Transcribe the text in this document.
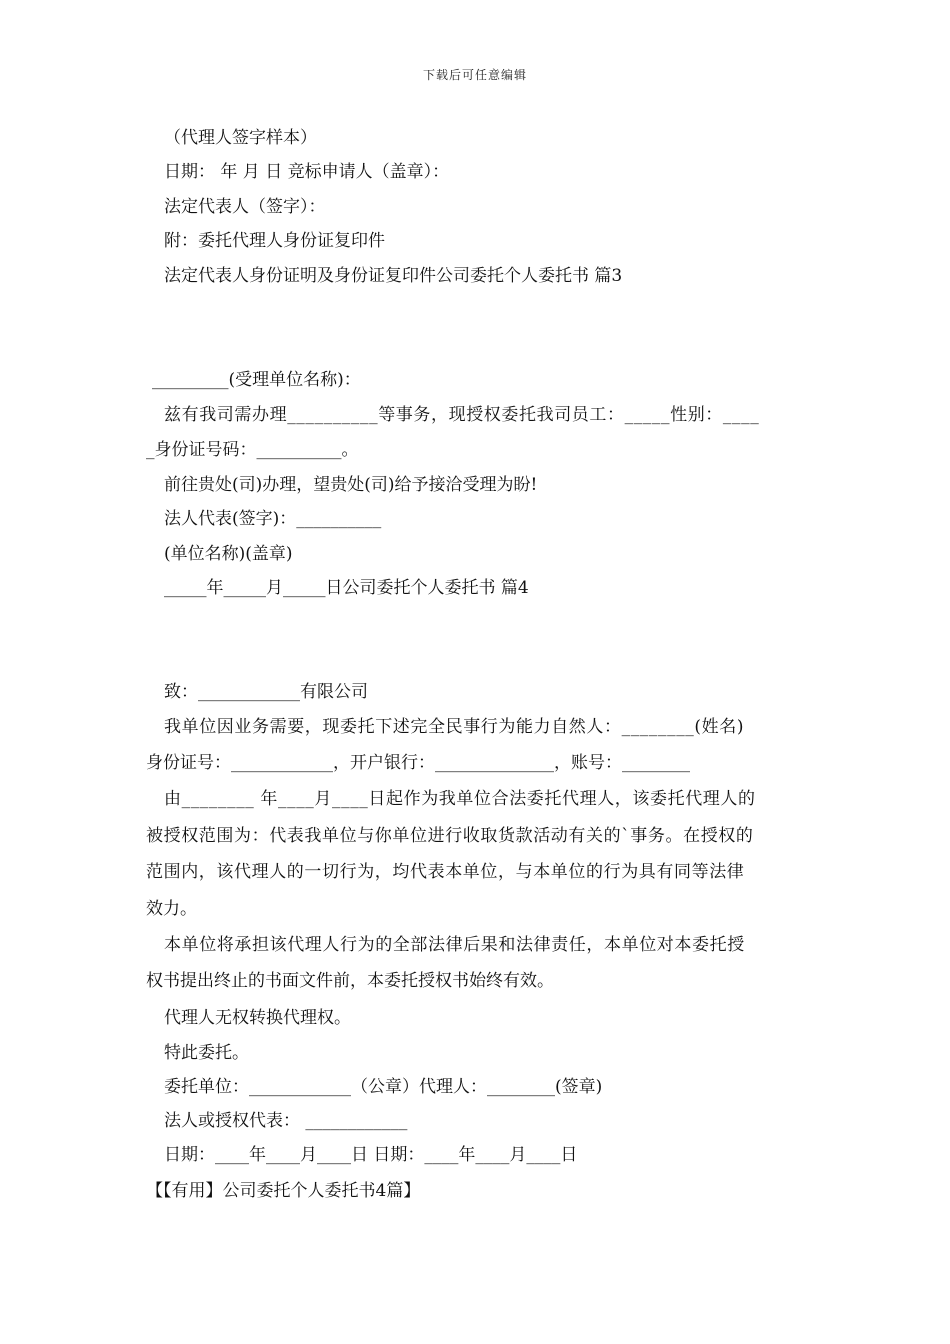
下载后可任意编辑
（代理人签字样本）
日期： 年 月 日 竞标申请人（盖章）：
法定代表人（签字）：
附：委托代理人身份证复印件
法定代表人身份证明及身份证复印件公司委托个人委托书 篇3
_________(受理单位名称)：
兹有我司需办理__________等事务，现授权委托我司员工：_____性别：____
_身份证号码：__________。
前往贵处(司)办理，望贵处(司)给予接洽受理为盼!
法人代表(签字)：__________
(单位名称)(盖章)
_____年_____月_____日公司委托个人委托书 篇4
致：____________有限公司
我单位因业务需要，现委托下述完全民事行为能力自然人：________(姓名)
身份证号：____________，开户银行：______________，账号：________
由________ 年____月____日起作为我单位合法委托代理人，该委托代理人的
被授权范围为：代表我单位与你单位进行收取货款活动有关的`事务。在授权的
范围内，该代理人的一切行为，均代表本单位，与本单位的行为具有同等法律
效力。
本单位将承担该代理人行为的全部法律后果和法律责任，本单位对本委托授
权书提出终止的书面文件前，本委托授权书始终有效。
代理人无权转换代理权。
特此委托。
委托单位：____________（公章）代理人：________(签章)
法人或授权代表： ____________
日期：____年____月____日 日期：____年____月____日
【【有用】公司委托个人委托书4篇】
